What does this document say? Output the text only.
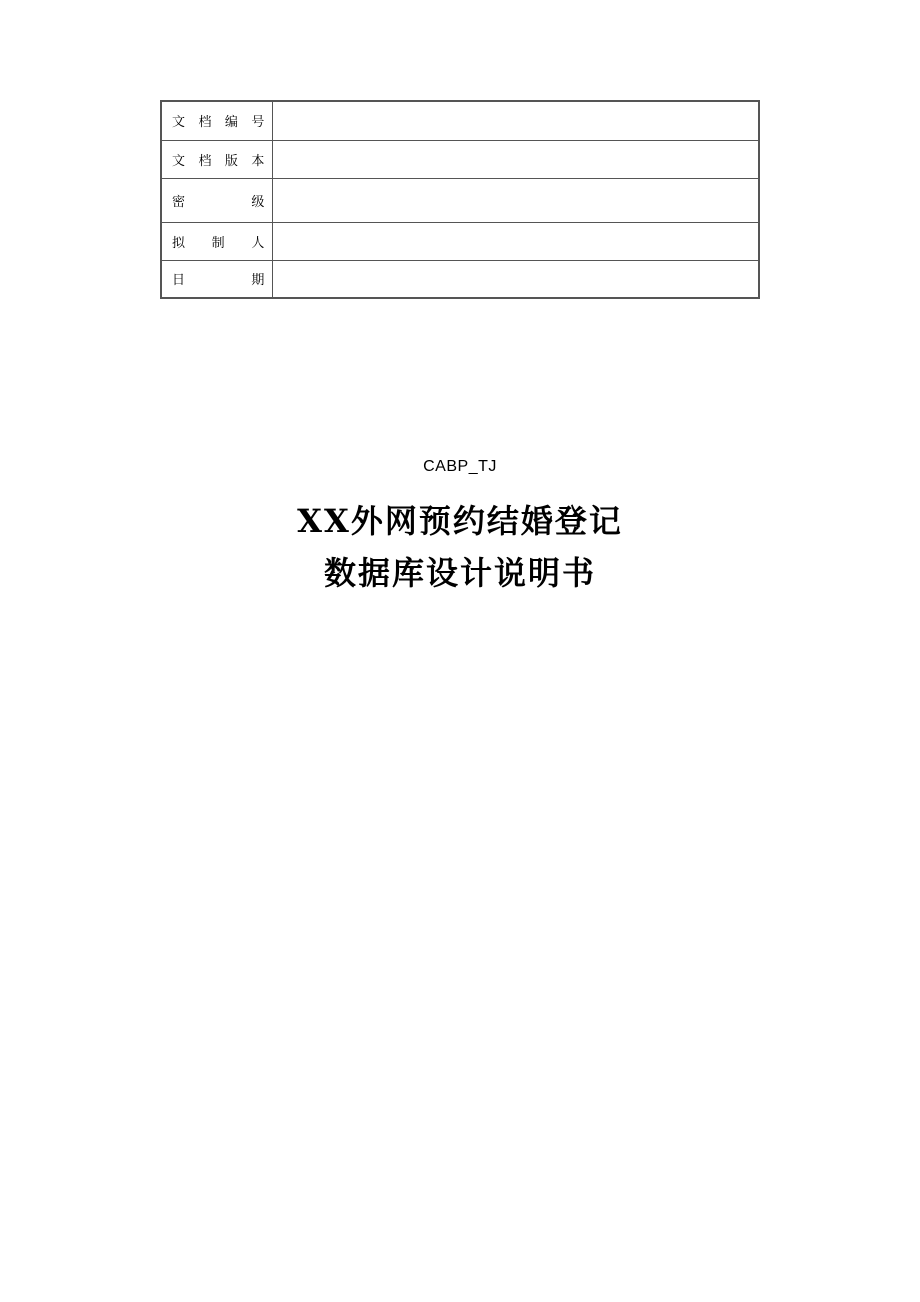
文 档 编 号	

文 档 版 本	

密 级	

拟 制 人	

日 期	

CABP_TJ
XX外网预约结婚登记
数据库设计说明书
